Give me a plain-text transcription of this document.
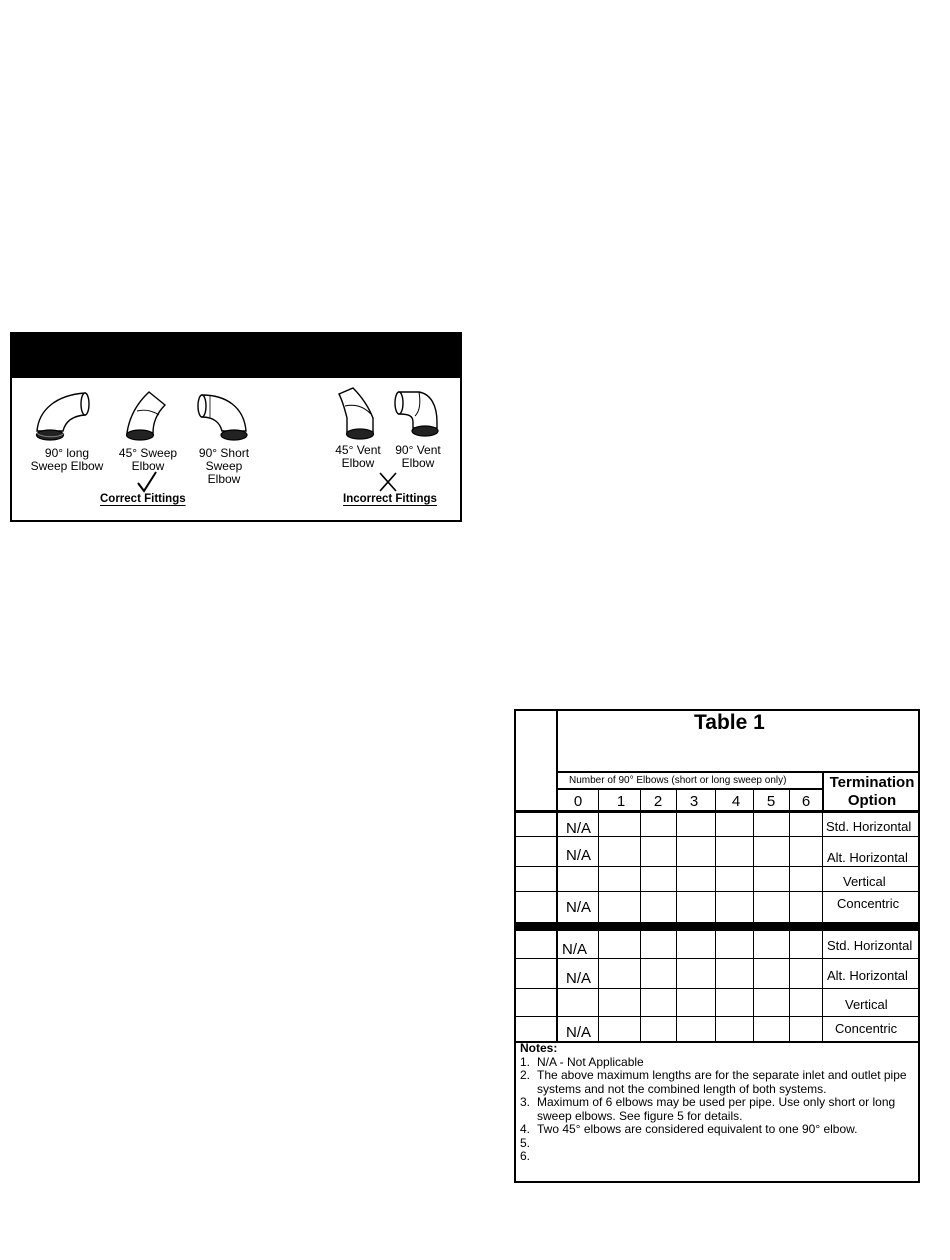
90° long
Sweep Elbow
45° Sweep
Elbow
90° Short
Sweep
Elbow
45° Vent
Elbow
90° Vent
Elbow
Correct Fittings	Incorrect Fittings
Table 1
Number of 90° Elbows (short or long sweep only)	Termination
Option
0	1	2	3	4	5	6
N/A	Std. Horizontal
N/A	Alt. Horizontal
Vertical
N/A	Concentric
N/A	Std. Horizontal
N/A	Alt. Horizontal
Vertical
N/A	Concentric
Notes:
1. N/A - Not Applicable
2. The above maximum lengths are for the separate inlet and outlet pipe systems and not the combined length of both systems.
3. Maximum of 6 elbows may be used per pipe. Use only short or long sweep elbows. See figure 5 for details.
4. Two 45° elbows are considered equivalent to one 90° elbow.
5.
6.
